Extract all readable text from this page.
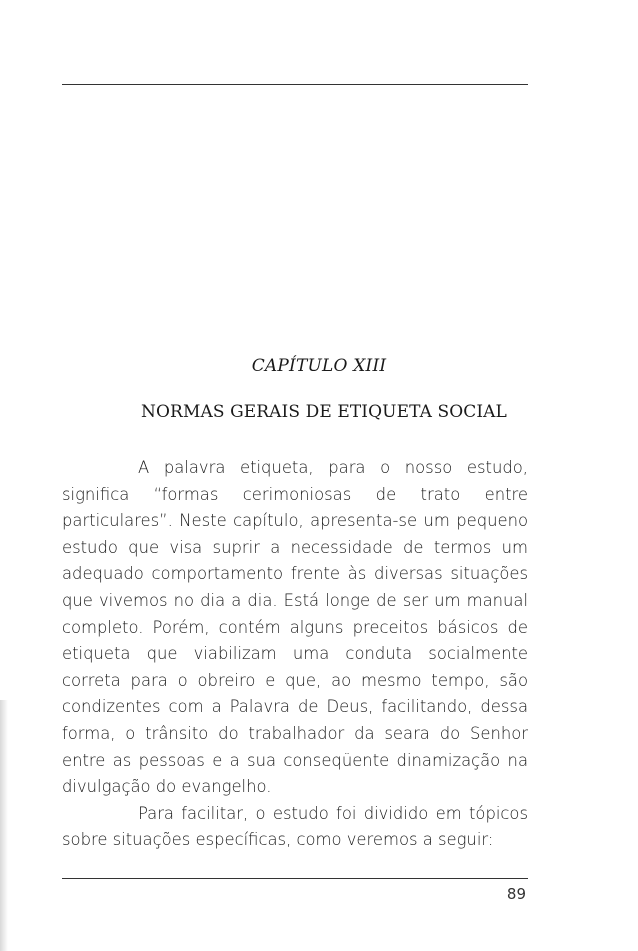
CAPÍTULO XIII
NORMAS GERAIS DE ETIQUETA SOCIAL

A palavra etiqueta, para o nosso estudo, significa “formas cerimoniosas de trato entre particulares”. Neste capítulo, apresenta-se um pequeno estudo que visa suprir a necessidade de termos um adequado comportamento frente às diversas situações que vivemos no dia a dia. Está longe de ser um manual completo. Porém, contém alguns preceitos básicos de etiqueta que viabilizam uma conduta socialmente correta para o obreiro e que, ao mesmo tempo, são condizentes com a Palavra de Deus, facilitando, dessa forma, o trânsito do trabalhador da seara do Senhor entre as pessoas e a sua conseqüente dinamização na divulgação do evangelho.

Para facilitar, o estudo foi dividido em tópicos sobre situações específicas, como veremos a seguir:

89
